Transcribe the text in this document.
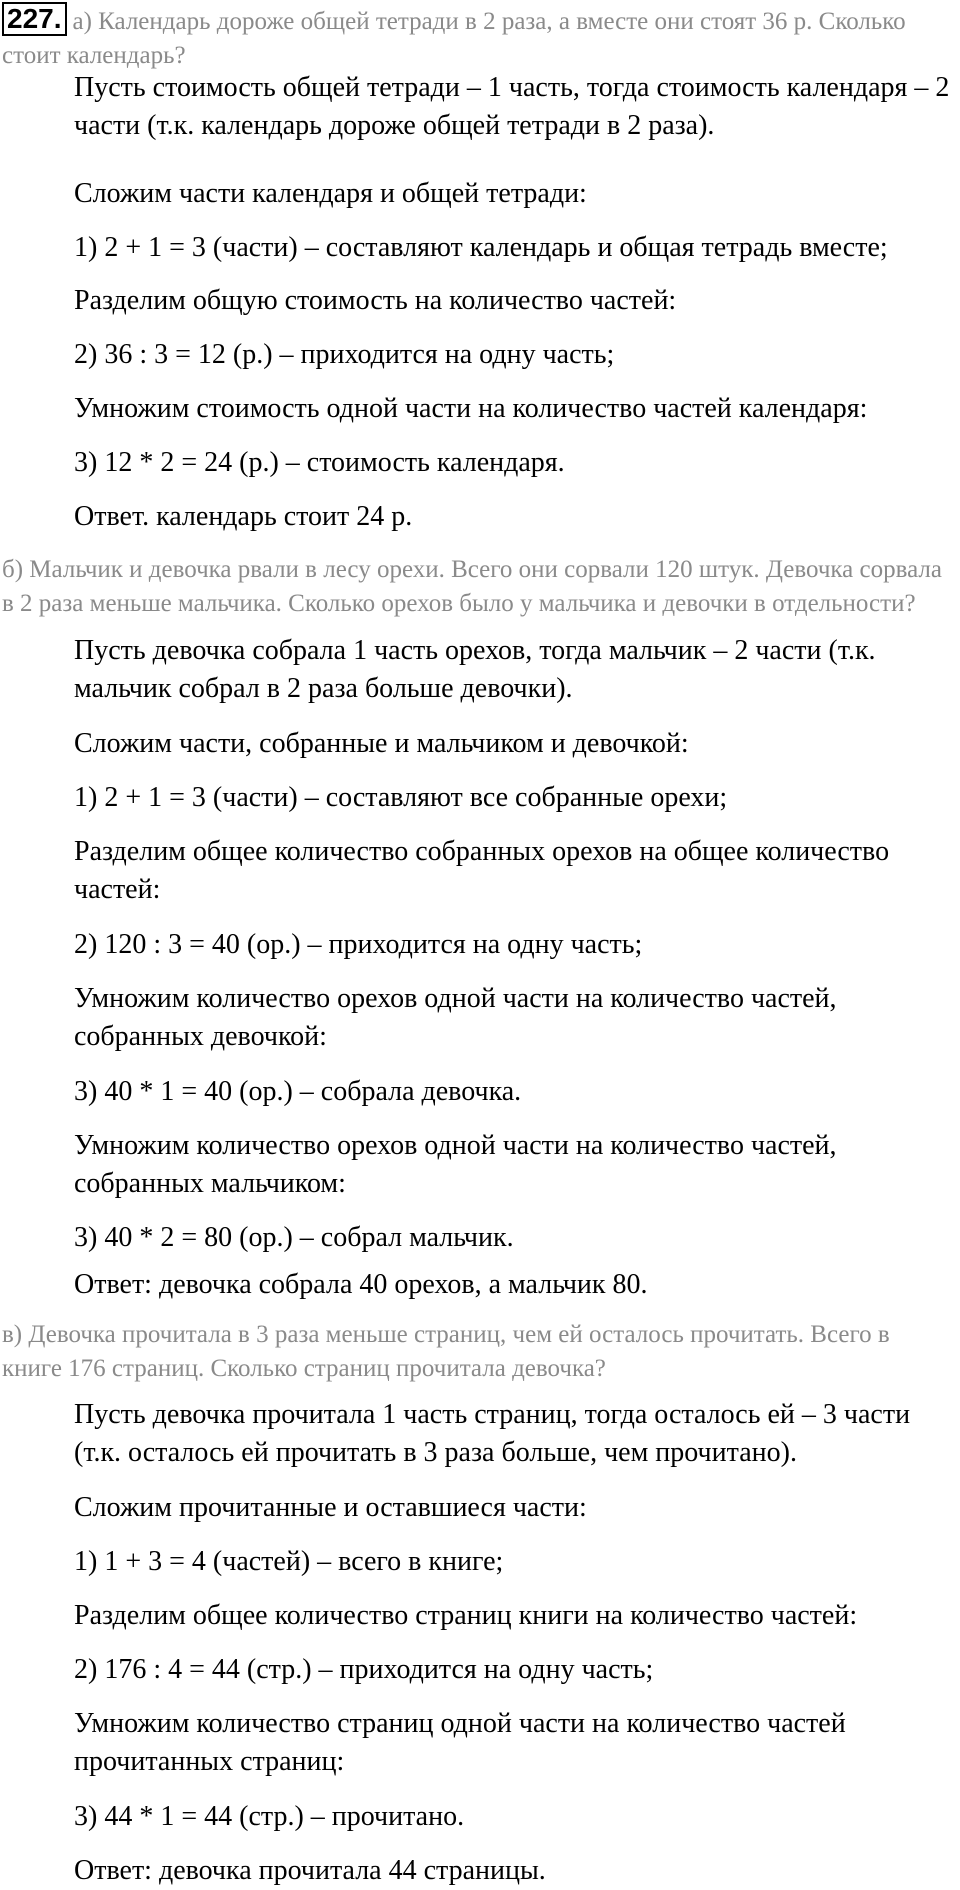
227. а) Календарь дороже общей тетради в 2 раза, а вместе они стоят 36 р. Сколько стоит календарь?

Пусть стоимость общей тетради – 1 часть, тогда стоимость календаря – 2 части (т.к. календарь дороже общей тетради в 2 раза).

Сложим части календаря и общей тетради:

1) 2 + 1 = 3 (части) – составляют календарь и общая тетрадь вместе;

Разделим общую стоимость на количество частей:

2) 36 : 3 = 12 (р.) – приходится на одну часть;

Умножим стоимость одной части на количество частей календаря:

3) 12 * 2 = 24 (р.) – стоимость календаря.

Ответ. календарь стоит 24 р.

б) Мальчик и девочка рвали в лесу орехи. Всего они сорвали 120 штук. Девочка сорвала в 2 раза меньше мальчика. Сколько орехов было у мальчика и девочки в отдельности?

Пусть девочка собрала 1 часть орехов, тогда мальчик – 2 части (т.к. мальчик собрал в 2 раза больше девочки).

Сложим части, собранные и мальчиком и девочкой:

1) 2 + 1 = 3 (части) – составляют все собранные орехи;

Разделим общее количество собранных орехов на общее количество частей:

2) 120 : 3 = 40 (ор.) – приходится на одну часть;

Умножим количество орехов одной части на количество частей, собранных девочкой:

3) 40 * 1 = 40 (ор.) – собрала девочка.

Умножим количество орехов одной части на количество частей, собранных мальчиком:

3) 40 * 2 = 80 (ор.) – собрал мальчик.

Ответ: девочка собрала 40 орехов, а мальчик 80.

в) Девочка прочитала в 3 раза меньше страниц, чем ей осталось прочитать. Всего в книге 176 страниц. Сколько страниц прочитала девочка?

Пусть девочка прочитала 1 часть страниц, тогда осталось ей – 3 части (т.к. осталось ей прочитать в 3 раза больше, чем прочитано).

Сложим прочитанные и оставшиеся части:

1) 1 + 3 = 4 (частей) – всего в книге;

Разделим общее количество страниц книги на количество частей:

2) 176 : 4 = 44 (стр.) – приходится на одну часть;

Умножим количество страниц одной части на количество частей прочитанных страниц:

3) 44 * 1 = 44 (стр.) – прочитано.

Ответ: девочка прочитала 44 страницы.
